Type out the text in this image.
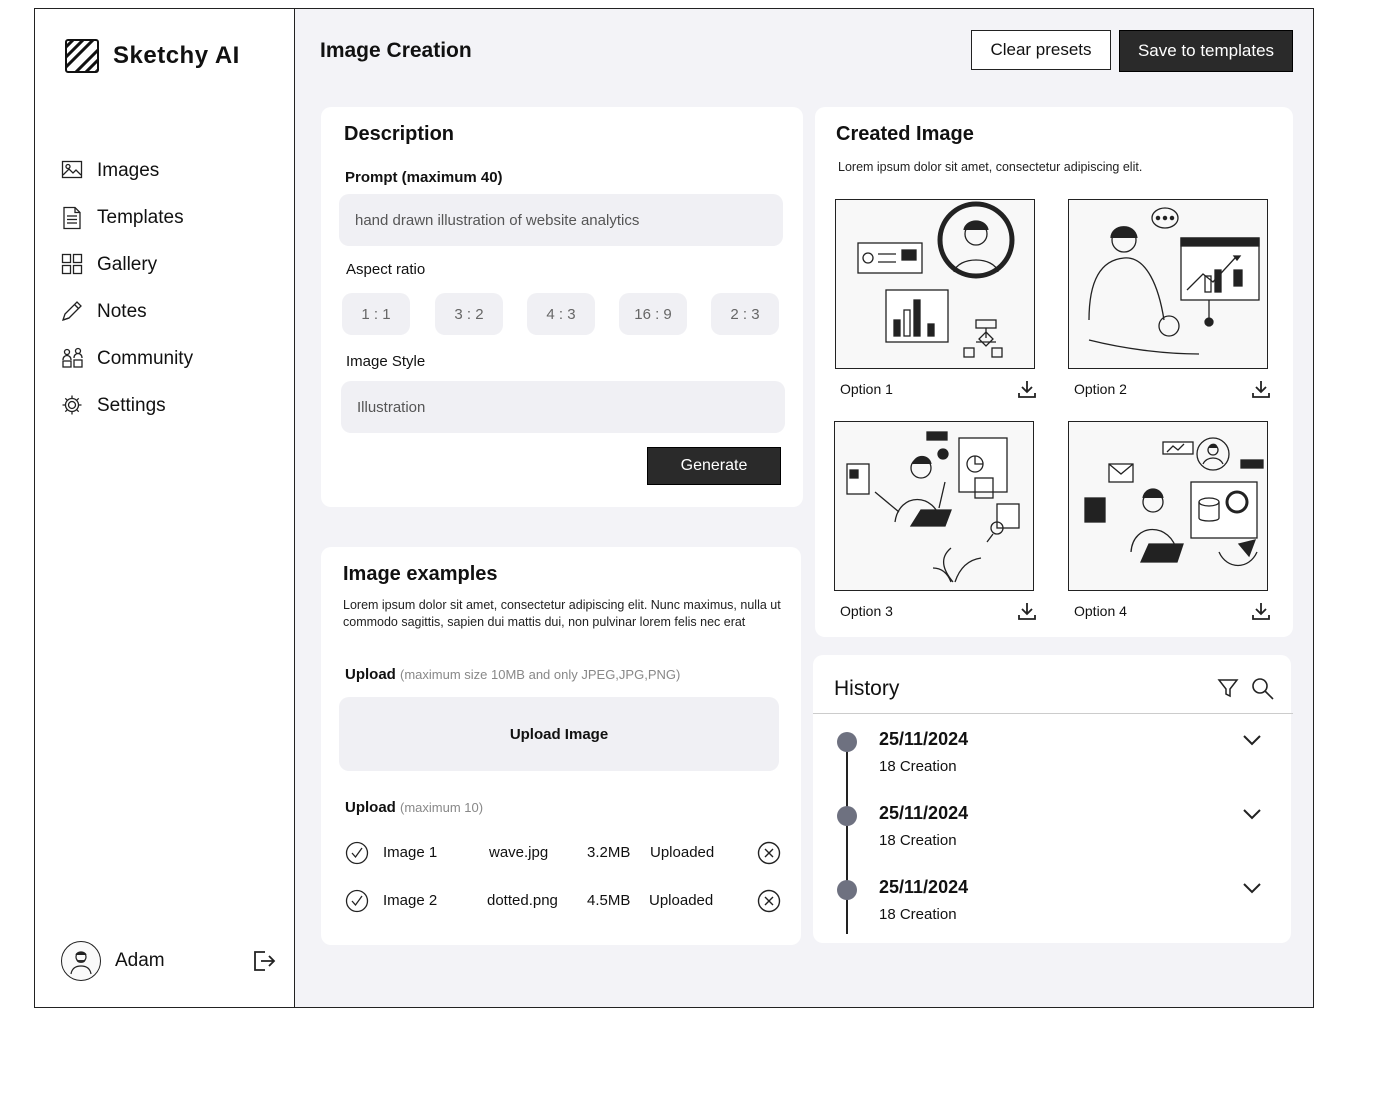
Sketchy AI
Images
Templates
Gallery
Notes
Community
Settings
Adam
Image Creation	Clear presets	Save to templates
Description
Prompt (maximum 40)
hand drawn illustration of website analytics
Aspect ratio
1 : 1	3 : 2	4 : 3	16 : 9	2 : 3
Image Style
Illustration
Generate
Image examples
Lorem ipsum dolor sit amet, consectetur adipiscing elit. Nunc maximus, nulla ut commodo sagittis, sapien dui mattis dui, non pulvinar lorem felis nec erat
Upload (maximum size 10MB and only JPEG,JPG,PNG)
Upload Image
Upload (maximum 10)
Image 1	wave.jpg	3.2MB Uploaded
Image 2	dotted.png 4.5MB Uploaded
Created Image
Lorem ipsum dolor sit amet, consectetur adipiscing elit.
Option 1	Option 2
Option 3	Option 4
History
25/11/2024
18 Creation
25/11/2024
18 Creation
25/11/2024
18 Creation
